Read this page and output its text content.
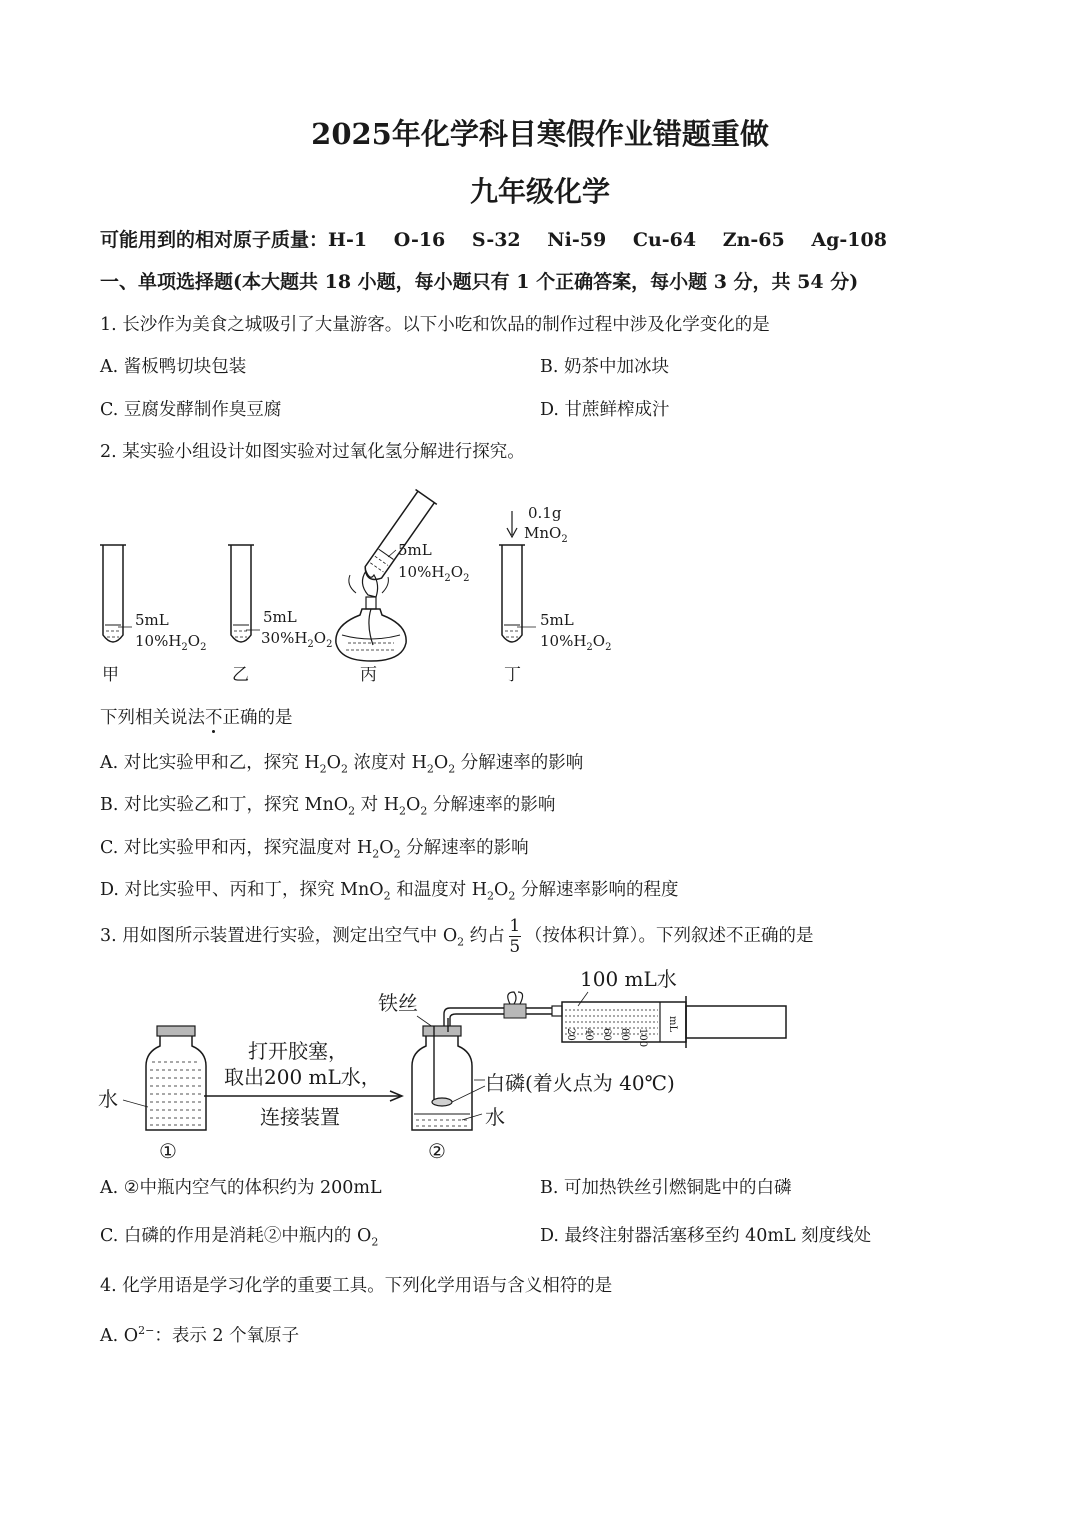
2025年化学科目寒假作业错题重做
九年级化学
可能用到的相对原子质量：H-1 O-16 S-32 Ni-59 Cu-64 Zn-65 Ag-108
一、单项选择题(本大题共 18 小题，每小题只有 1 个正确答案，每小题 3 分，共 54 分)
1. 长沙作为美食之城吸引了大量游客。以下小吃和饮品的制作过程中涉及化学变化的是
A. 酱板鸭切块包装	B. 奶茶中加冰块
C. 豆腐发酵制作臭豆腐	D. 甘蔗鲜榨成汁
2. 某实验小组设计如图实验对过氧化氢分解进行探究。
5mL
$10\%H_2O_2$
甲
5mL
$30\%H_2O_2$
乙
5mL
$10\%H_2O_2$
丙
0.1g
MnO$_2$
5mL
$10\%H_2O_2$
丁
下列相关说法不正确的是
A. 对比实验甲和乙，探究 $H_2O_2$ 浓度对 $H_2O_2$ 分解速率的影响
B. 对比实验乙和丁，探究 MnO$_2$ 对 $H_2O_2$ 分解速率的影响
C. 对比实验甲和丙，探究温度对 $H_2O_2$ 分解速率的影响
D. 对比实验甲、丙和丁，探究 MnO$_2$ 和温度对 $H_2O_2$ 分解速率影响的程度
3. 用如图所示装置进行实验，测定出空气中 $O_2$ 约占 $\frac{1}{5}$ （按体积计算）。下列叙述不正确的是
水
①
打开胶塞，
取出200 mL水，
连接装置
铁丝
白磷(着火点为 40℃)
水
②
100 mL水
20 40 60 80 100
mL
A. ②中瓶内空气的体积约为 200mL	B. 可加热铁丝引燃铜匙中的白磷
C. 白磷的作用是消耗②中瓶内的 $O_2$	D. 最终注射器活塞移至约 40mL 刻度线处
4. 化学用语是学习化学的重要工具。下列化学用语与含义相符的是
A. $O^{2-}$：表示 2 个氧原子
